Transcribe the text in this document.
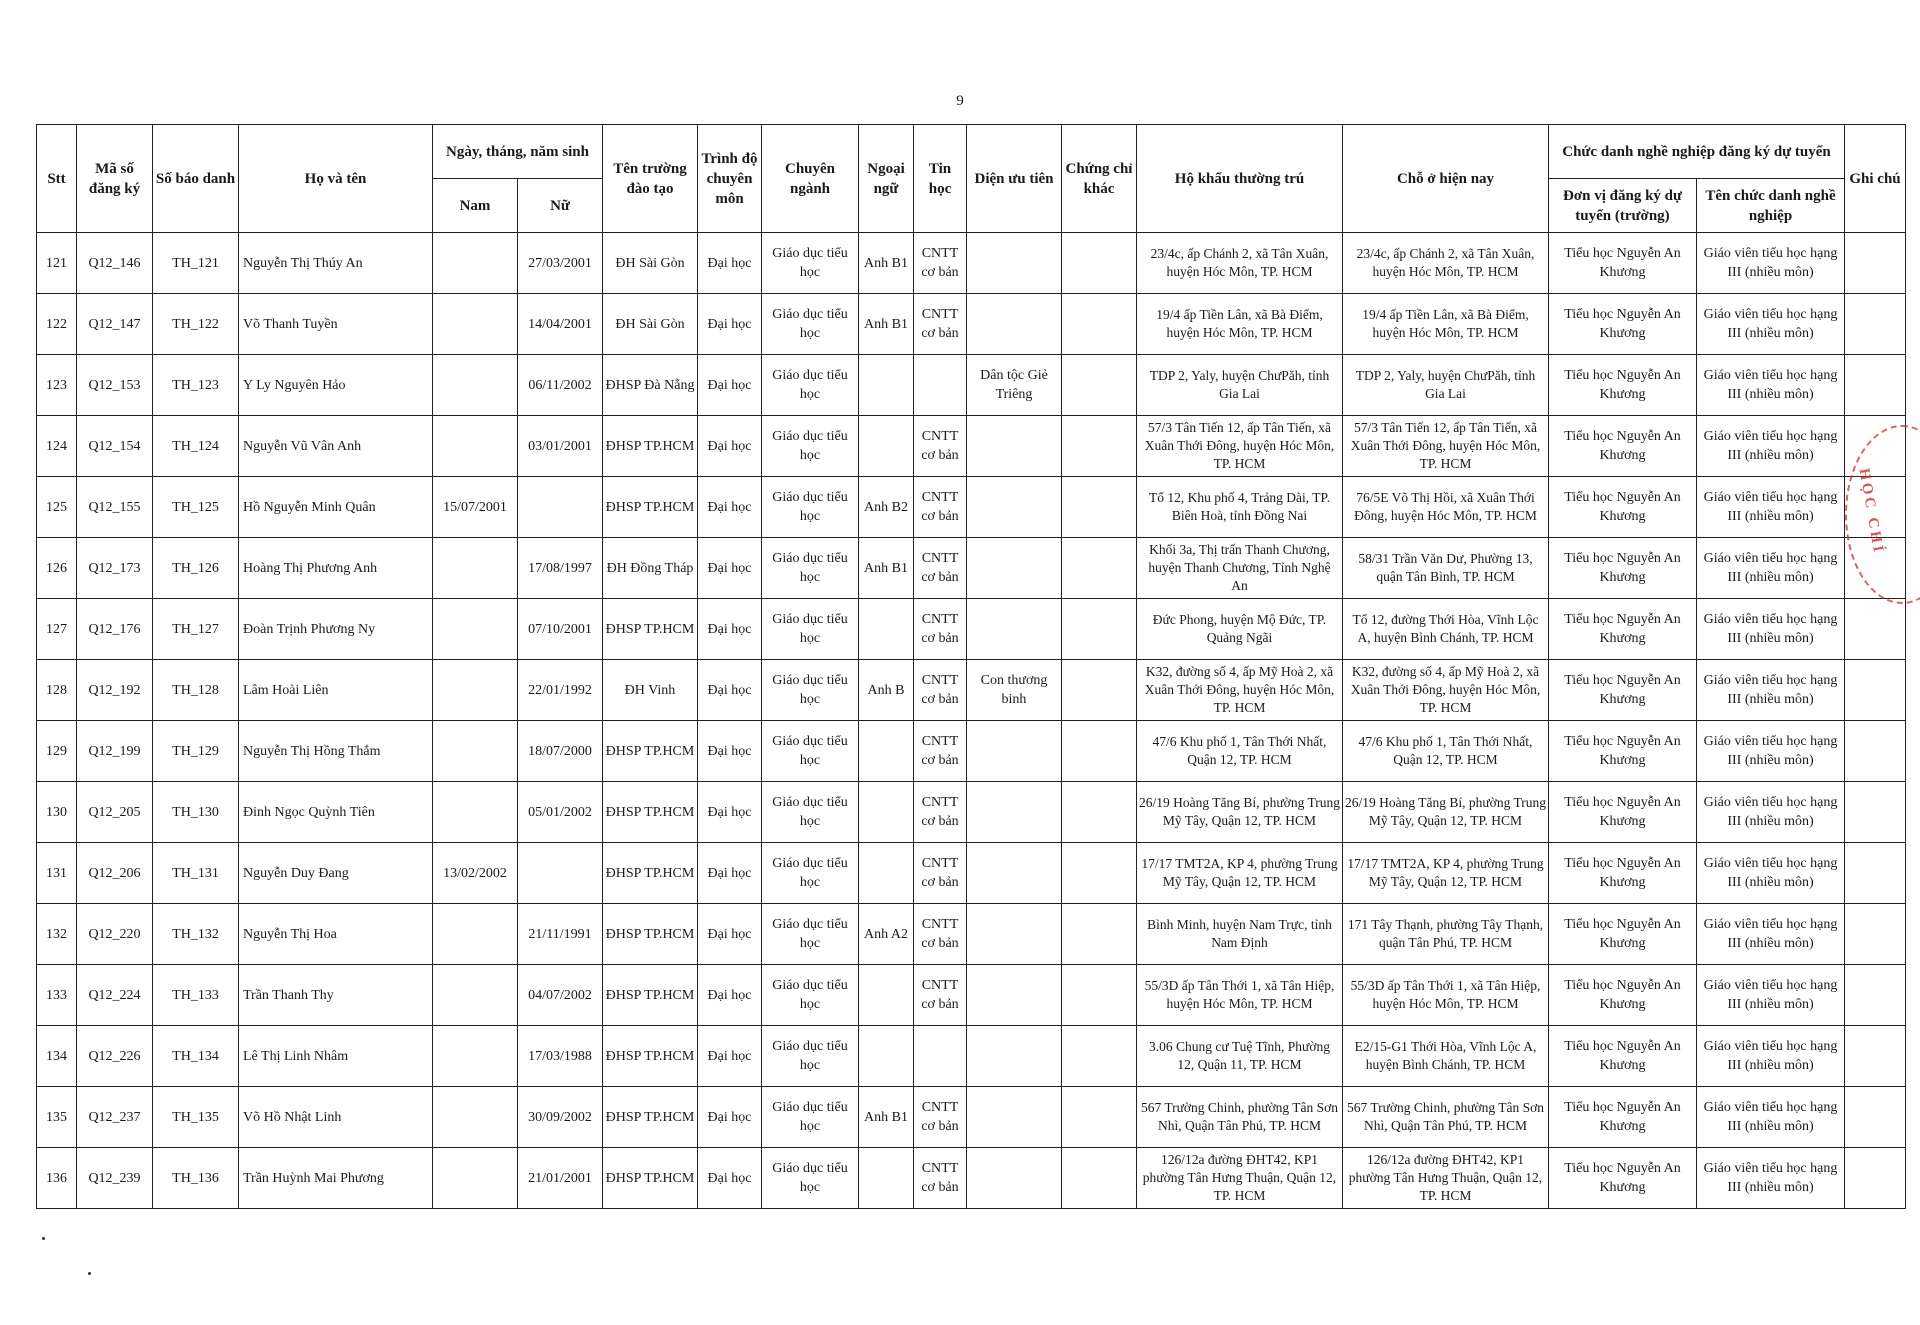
9
Stt	Mã số đăng ký	Số báo danh	Họ và tên	Ngày, tháng, năm sinh		Tên trường đào tạo	Trình độ chuyên môn	Chuyên ngành	Ngoại ngữ	Tin học	Diện ưu tiên	Chứng chỉ khác	Hộ khẩu thường trú	Chỗ ở hiện nay	Chức danh nghề nghiệp đăng ký dự tuyển		Ghi chú
				Nam	Nữ										Đơn vị đăng ký dự tuyển (trường)	Tên chức danh nghề nghiệp	
121	Q12_146	TH_121	Nguyễn Thị Thúy An		27/03/2001	ĐH Sài Gòn	Đại học	Giáo dục tiểu học	Anh B1	CNTT cơ bản			23/4c, ấp Chánh 2, xã Tân Xuân, huyện Hóc Môn, TP. HCM	23/4c, ấp Chánh 2, xã Tân Xuân, huyện Hóc Môn, TP. HCM	Tiểu học Nguyễn An Khương	Giáo viên tiểu học hạng III (nhiều môn)	
122	Q12_147	TH_122	Võ Thanh Tuyền		14/04/2001	ĐH Sài Gòn	Đại học	Giáo dục tiểu học	Anh B1	CNTT cơ bản			19/4 ấp Tiền Lân, xã Bà Điểm, huyện Hóc Môn, TP. HCM	19/4 ấp Tiền Lân, xã Bà Điểm, huyện Hóc Môn, TP. HCM	Tiểu học Nguyễn An Khương	Giáo viên tiểu học hạng III (nhiều môn)	
123	Q12_153	TH_123	Y Ly Nguyên Hảo		06/11/2002	ĐHSP Đà Nẵng	Đại học	Giáo dục tiểu học			Dân tộc Giẻ Triêng		TDP 2, Yaly, huyện ChưPăh, tỉnh Gia Lai	TDP 2, Yaly, huyện ChưPăh, tỉnh Gia Lai	Tiểu học Nguyễn An Khương	Giáo viên tiểu học hạng III (nhiều môn)	
124	Q12_154	TH_124	Nguyễn Vũ Vân Anh		03/01/2001	ĐHSP TP.HCM	Đại học	Giáo dục tiểu học		CNTT cơ bản			57/3 Tân Tiến 12, ấp Tân Tiến, xã Xuân Thới Đông, huyện Hóc Môn, TP. HCM	57/3 Tân Tiến 12, ấp Tân Tiến, xã Xuân Thới Đông, huyện Hóc Môn, TP. HCM	Tiểu học Nguyễn An Khương	Giáo viên tiểu học hạng III (nhiều môn)	
125	Q12_155	TH_125	Hồ Nguyễn Minh Quân	15/07/2001		ĐHSP TP.HCM	Đại học	Giáo dục tiểu học	Anh B2	CNTT cơ bản			Tổ 12, Khu phố 4, Trảng Dài, TP. Biên Hoà, tỉnh Đồng Nai	76/5E Võ Thị Hồi, xã Xuân Thới Đông, huyện Hóc Môn, TP. HCM	Tiểu học Nguyễn An Khương	Giáo viên tiểu học hạng III (nhiều môn)	
126	Q12_173	TH_126	Hoàng Thị Phương Anh		17/08/1997	ĐH Đồng Tháp	Đại học	Giáo dục tiểu học	Anh B1	CNTT cơ bản			Khối 3a, Thị trấn Thanh Chương, huyện Thanh Chương, Tỉnh Nghệ An	58/31 Trần Văn Dư, Phường 13, quận Tân Bình, TP. HCM	Tiểu học Nguyễn An Khương	Giáo viên tiểu học hạng III (nhiều môn)	
127	Q12_176	TH_127	Đoàn Trịnh Phương Ny		07/10/2001	ĐHSP TP.HCM	Đại học	Giáo dục tiểu học		CNTT cơ bản			Đức Phong, huyện Mộ Đức, TP. Quảng Ngãi	Tổ 12, đường Thới Hòa, Vĩnh Lộc A, huyện Bình Chánh, TP. HCM	Tiểu học Nguyễn An Khương	Giáo viên tiểu học hạng III (nhiều môn)	
128	Q12_192	TH_128	Lâm Hoài Liên		22/01/1992	ĐH Vinh	Đại học	Giáo dục tiểu học	Anh B	CNTT cơ bản	Con thương binh		K32, đường số 4, ấp Mỹ Hoà 2, xã Xuân Thới Đông, huyện Hóc Môn, TP. HCM	K32, đường số 4, ấp Mỹ Hoà 2, xã Xuân Thới Đông, huyện Hóc Môn, TP. HCM	Tiểu học Nguyễn An Khương	Giáo viên tiểu học hạng III (nhiều môn)	
129	Q12_199	TH_129	Nguyễn Thị Hồng Thắm		18/07/2000	ĐHSP TP.HCM	Đại học	Giáo dục tiểu học		CNTT cơ bản			47/6 Khu phố 1, Tân Thới Nhất, Quận 12, TP. HCM	47/6 Khu phố 1, Tân Thới Nhất, Quận 12, TP. HCM	Tiểu học Nguyễn An Khương	Giáo viên tiểu học hạng III (nhiều môn)	
130	Q12_205	TH_130	Đinh Ngọc Quỳnh Tiên		05/01/2002	ĐHSP TP.HCM	Đại học	Giáo dục tiểu học		CNTT cơ bản			26/19 Hoàng Tăng Bí, phường Trung Mỹ Tây, Quận 12, TP. HCM	26/19 Hoàng Tăng Bí, phường Trung Mỹ Tây, Quận 12, TP. HCM	Tiểu học Nguyễn An Khương	Giáo viên tiểu học hạng III (nhiều môn)	
131	Q12_206	TH_131	Nguyễn Duy Đang	13/02/2002		ĐHSP TP.HCM	Đại học	Giáo dục tiểu học		CNTT cơ bản			17/17 TMT2A, KP 4, phường Trung Mỹ Tây, Quận 12, TP. HCM	17/17 TMT2A, KP 4, phường Trung Mỹ Tây, Quận 12, TP. HCM	Tiểu học Nguyễn An Khương	Giáo viên tiểu học hạng III (nhiều môn)	
132	Q12_220	TH_132	Nguyễn Thị Hoa		21/11/1991	ĐHSP TP.HCM	Đại học	Giáo dục tiểu học	Anh A2	CNTT cơ bản			Bình Minh, huyện Nam Trực, tỉnh Nam Định	171 Tây Thạnh, phường Tây Thạnh, quận Tân Phú, TP. HCM	Tiểu học Nguyễn An Khương	Giáo viên tiểu học hạng III (nhiều môn)	
133	Q12_224	TH_133	Trần Thanh Thy		04/07/2002	ĐHSP TP.HCM	Đại học	Giáo dục tiểu học		CNTT cơ bản			55/3D ấp Tân Thới 1, xã Tân Hiệp, huyện Hóc Môn, TP. HCM	55/3D ấp Tân Thới 1, xã Tân Hiệp, huyện Hóc Môn, TP. HCM	Tiểu học Nguyễn An Khương	Giáo viên tiểu học hạng III (nhiều môn)	
134	Q12_226	TH_134	Lê Thị Linh Nhâm		17/03/1988	ĐHSP TP.HCM	Đại học	Giáo dục tiểu học					3.06 Chung cư Tuệ Tĩnh, Phường 12, Quận 11, TP. HCM	E2/15-G1 Thới Hòa, Vĩnh Lộc A, huyện Bình Chánh, TP. HCM	Tiểu học Nguyễn An Khương	Giáo viên tiểu học hạng III (nhiều môn)	
135	Q12_237	TH_135	Võ Hồ Nhật Linh		30/09/2002	ĐHSP TP.HCM	Đại học	Giáo dục tiểu học	Anh B1	CNTT cơ bản			567 Trường Chinh, phường Tân Sơn Nhì, Quận Tân Phú, TP. HCM	567 Trường Chinh, phường Tân Sơn Nhì, Quận Tân Phú, TP. HCM	Tiểu học Nguyễn An Khương	Giáo viên tiểu học hạng III (nhiều môn)	
136	Q12_239	TH_136	Trần Huỳnh Mai Phương		21/01/2001	ĐHSP TP.HCM	Đại học	Giáo dục tiểu học		CNTT cơ bản			126/12a đường ĐHT42, KP1 phường Tân Hưng Thuận, Quận 12, TP. HCM	126/12a đường ĐHT42, KP1 phường Tân Hưng Thuận, Quận 12, TP. HCM	Tiểu học Nguyễn An Khương	Giáo viên tiểu học hạng III (nhiều môn)	
HỌC CHÍ
